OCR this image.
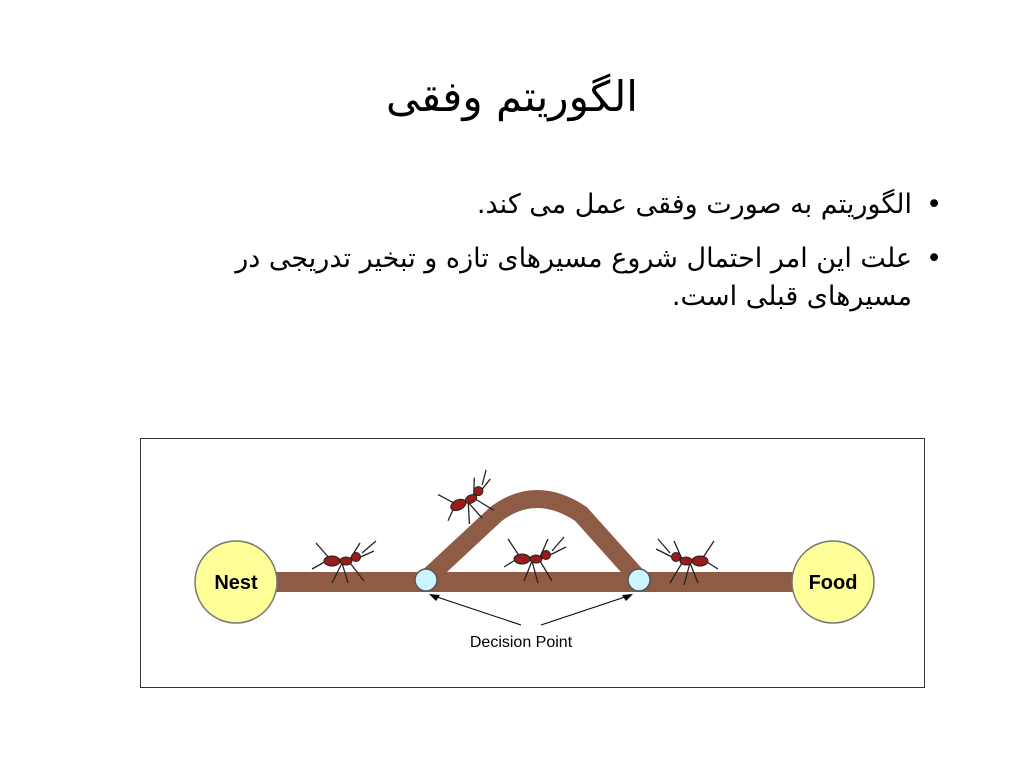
الگوریتم وفقی
•
الگوریتم به صورت وفقی عمل می کند.
•
علت این امر احتمال شروع مسیرهای تازه و تبخیر تدریجی در مسیرهای قبلی است.
Nest	Food
Decision Point
